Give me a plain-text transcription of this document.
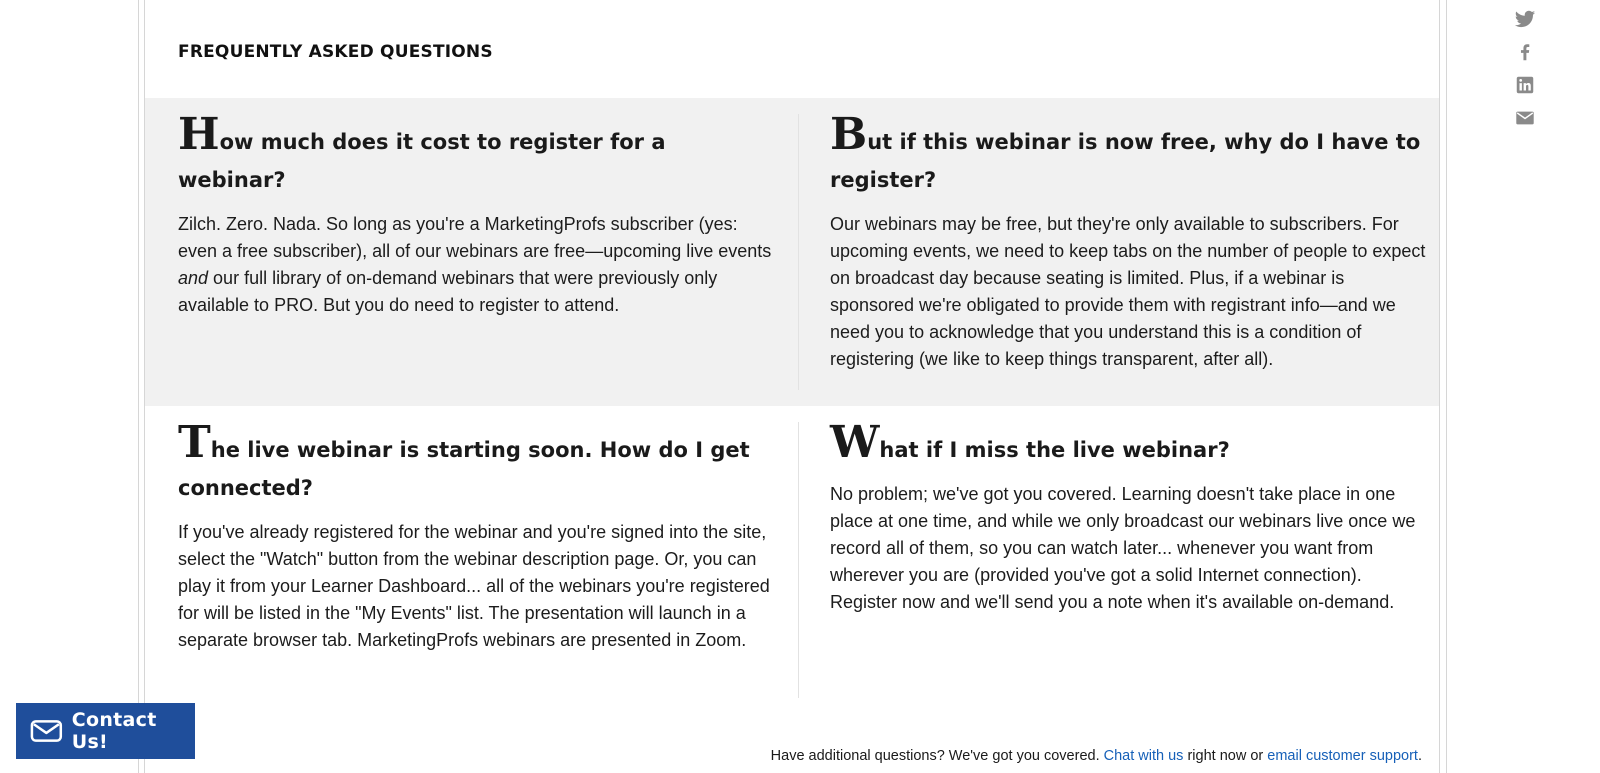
FREQUENTLY ASKED QUESTIONS
How much does it cost to register for a webinar?

Zilch. Zero. Nada. So long as you're a MarketingProfs subscriber (yes: even a free subscriber), all of our webinars are free—upcoming live events and our full library of on-demand webinars that were previously only available to PRO. But you do need to register to attend.

But if this webinar is now free, why do I have to register?

Our webinars may be free, but they're only available to subscribers. For upcoming events, we need to keep tabs on the number of people to expect on broadcast day because seating is limited. Plus, if a webinar is sponsored we're obligated to provide them with registrant info—and we need you to acknowledge that you understand this is a condition of registering (we like to keep things transparent, after all).

The live webinar is starting soon. How do I get connected?

If you've already registered for the webinar and you're signed into the site, select the "Watch" button from the webinar description page. Or, you can play it from your Learner Dashboard... all of the webinars you're registered for will be listed in the "My Events" list. The presentation will launch in a separate browser tab. MarketingProfs webinars are presented in Zoom.

What if I miss the live webinar?

No problem; we've got you covered. Learning doesn't take place in one place at one time, and while we only broadcast our webinars live once we record all of them, so you can watch later... whenever you want from wherever you are (provided you've got a solid Internet connection). Register now and we'll send you a note when it's available on-demand.

Contact Us!
Have additional questions? We've got you covered. Chat with us right now or email customer support.
